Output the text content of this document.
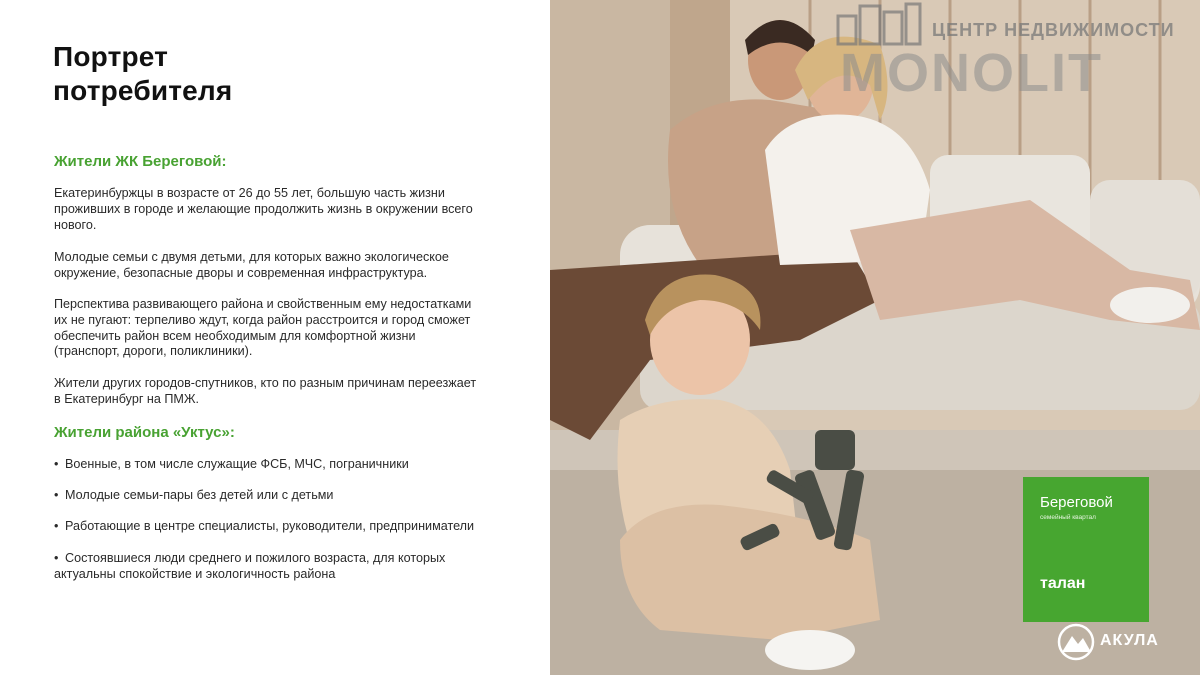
Портрет
потребителя
Жители ЖК Береговой:
Екатеринбуржцы в возрасте от 26 до 55 лет, большую часть жизни
проживших в городе и желающие продолжить жизнь в окружении всего
нового.
Молодые семьи с двумя детьми, для которых важно экологическое
окружение, безопасные дворы и современная инфраструктура.
Перспектива развивающего района и свойственным ему недостатками
их не пугают: терпеливо ждут, когда район расстроится и город сможет
обеспечить район всем необходимым для комфортной жизни
(транспорт, дороги, поликлиники).
Жители других городов-спутников, кто по разным причинам переезжает
в Екатеринбург на ПМЖ.
Жители района «Уктус»:
• Военные, в том числе служащие ФСБ, МЧС, пограничники
• Молодые семьи-пары без детей или с детьми
• Работающие в центре специалисты, руководители, предприниматели
• Состоявшиеся люди среднего и пожилого возраста, для которых
актуальны спокойствие и экологичность района
ЦЕНТР НЕДВИЖИМОСТИ
MONOLIT
Береговой
семейный квартал
талан
АКУЛА
